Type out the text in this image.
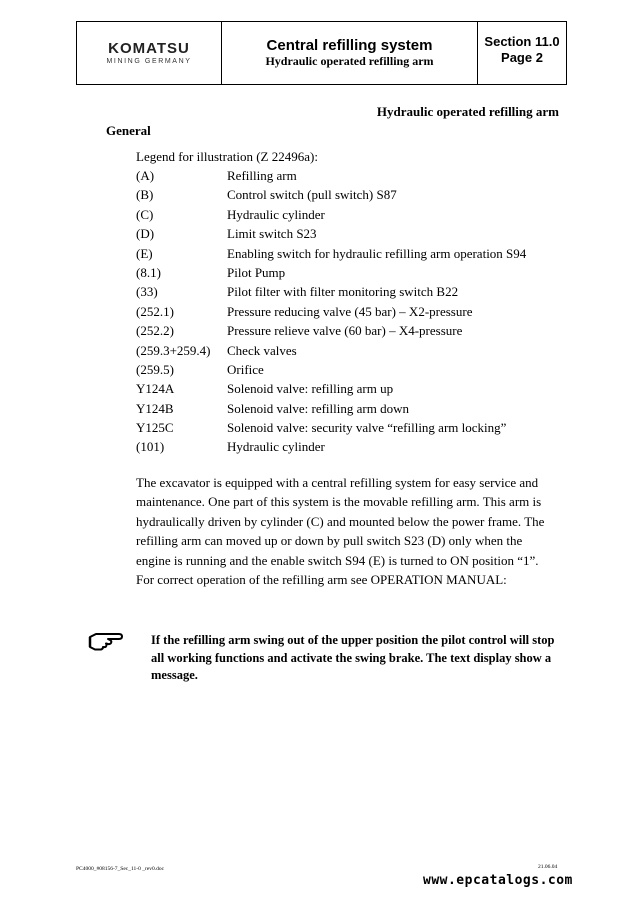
KOMATSU
MINING GERMANY
Central refilling system
Hydraulic operated refilling arm
Section 11.0
Page 2
Hydraulic operated refilling arm
General
Legend for illustration (Z 22496a):
(A)	Refilling arm
(B)	Control switch (pull switch) S87
(C)	Hydraulic cylinder
(D)	Limit switch S23
(E)	Enabling switch for hydraulic refilling arm operation S94
(8.1)	Pilot Pump
(33)	Pilot filter with filter monitoring switch B22
(252.1)	Pressure reducing valve (45 bar) – X2-pressure
(252.2)	Pressure relieve valve (60 bar) – X4-pressure
(259.3+259.4)	Check valves
(259.5)	Orifice
Y124A	Solenoid valve: refilling arm up
Y124B	Solenoid valve: refilling arm down
Y125C	Solenoid valve: security valve “refilling arm locking”
(101)	Hydraulic cylinder
The excavator is equipped with a central refilling system for easy service and maintenance. One part of this system is the movable refilling arm. This arm is hydraulically driven by cylinder (C) and mounted below the power frame. The refilling arm can moved up or down by pull switch S23 (D) only when the engine is running and the enable switch S94 (E) is turned to ON position “1”. For correct operation of the refilling arm see OPERATION MANUAL:
If the refilling arm swing out of the upper position the pilot control will stop all working functions and activate the swing brake. The text display show a message.
PC4000_#08156-7_Sec_11-0 _rev0.doc	21.06.04
www.epcatalogs.com
